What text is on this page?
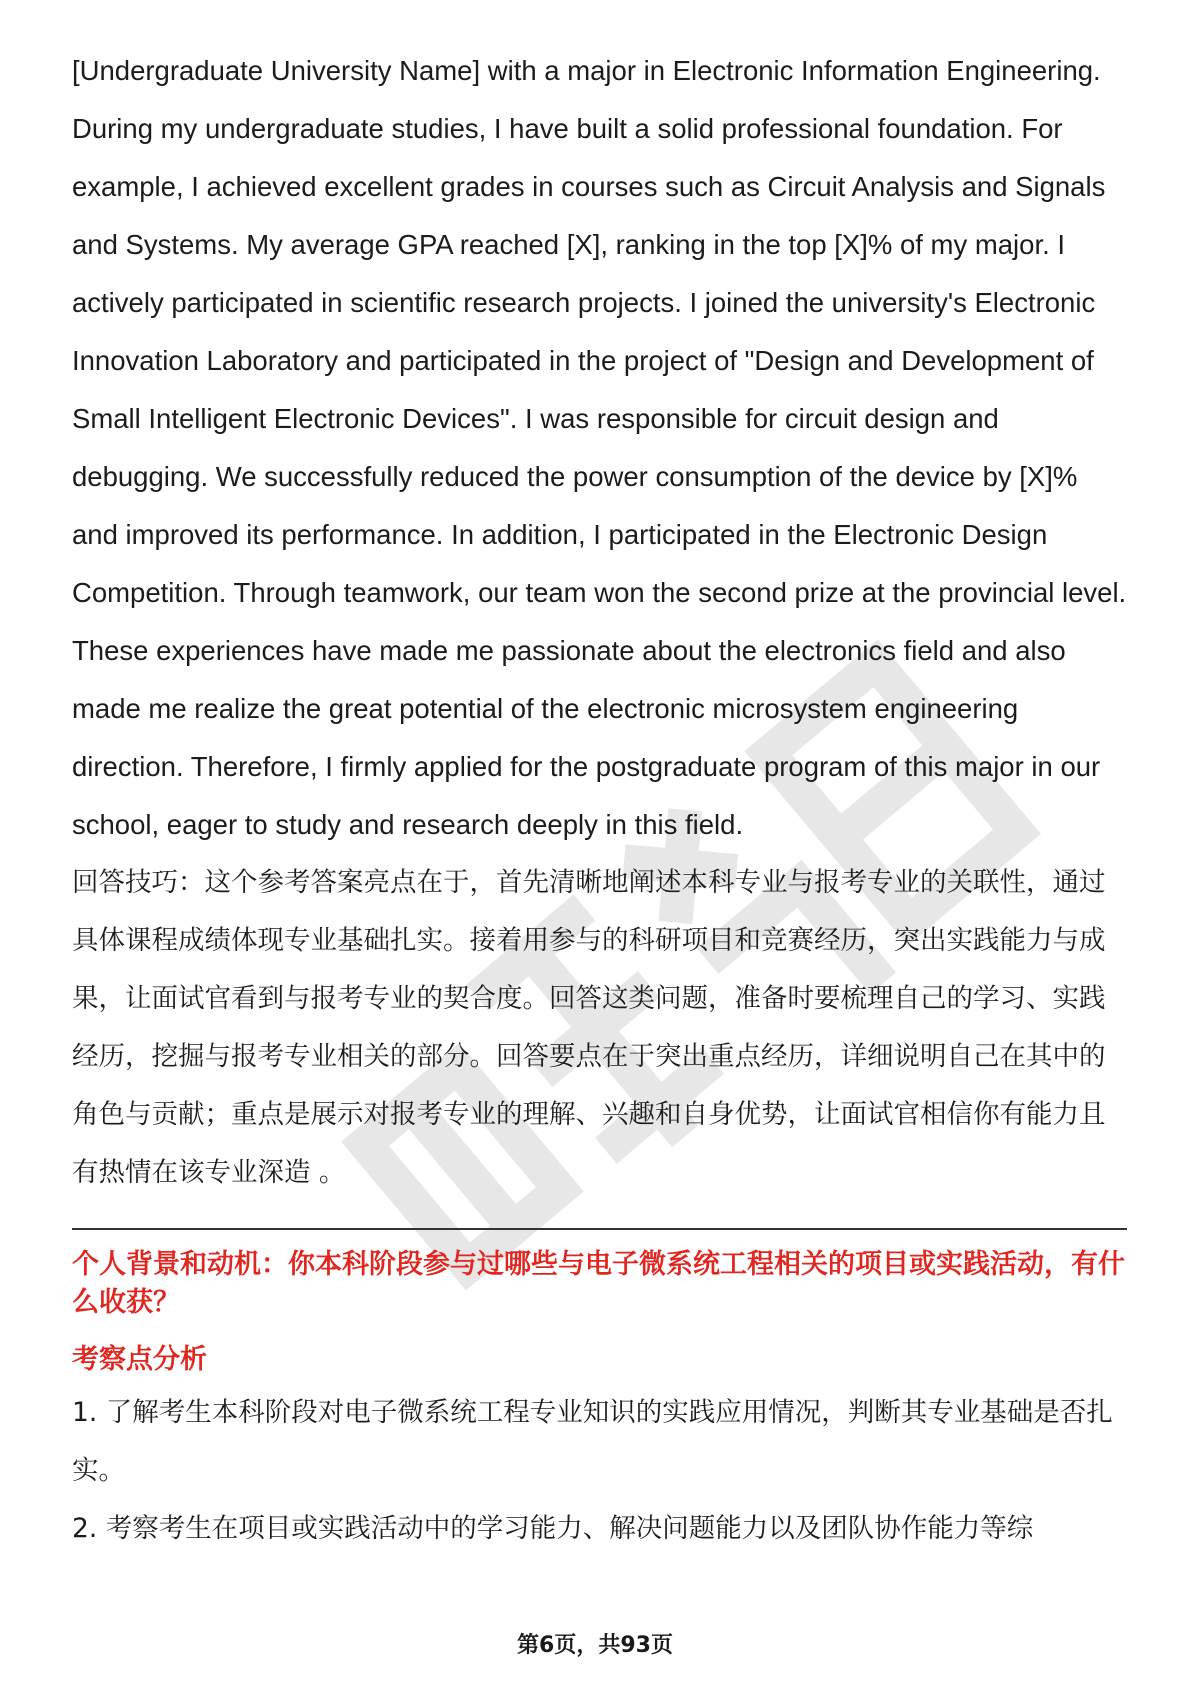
[Undergraduate University Name] with a major in Electronic Information Engineering. During my undergraduate studies, I have built a solid professional foundation. For example, I achieved excellent grades in courses such as Circuit Analysis and Signals and Systems. My average GPA reached [X], ranking in the top [X]% of my major. I actively participated in scientific research projects. I joined the university's Electronic Innovation Laboratory and participated in the project of "Design and Development of Small Intelligent Electronic Devices". I was responsible for circuit design and debugging. We successfully reduced the power consumption of the device by [X]% and improved its performance. In addition, I participated in the Electronic Design Competition. Through teamwork, our team won the second prize at the provincial level. These experiences have made me passionate about the electronics field and also made me realize the great potential of the electronic microsystem engineering direction. Therefore, I firmly applied for the postgraduate program of this major in our school, eager to study and research deeply in this field.

回答技巧：这个参考答案亮点在于，首先清晰地阐述本科专业与报考专业的关联性，通过具体课程成绩体现专业基础扎实。接着用参与的科研项目和竞赛经历，突出实践能力与成果，让面试官看到与报考专业的契合度。回答这类问题，准备时要梳理自己的学习、实践经历，挖掘与报考专业相关的部分。回答要点在于突出重点经历，详细说明自己在其中的角色与贡献；重点是展示对报考专业的理解、兴趣和自身优势，让面试官相信你有能力且有热情在该专业深造 。

个人背景和动机：你本科阶段参与过哪些与电子微系统工程相关的项目或实践活动，有什么收获？

考察点分析

1. 了解考生本科阶段对电子微系统工程专业知识的实践应用情况，判断其专业基础是否扎实。

2. 考察考生在项目或实践活动中的学习能力、解决问题能力以及团队协作能力等综

第6页，共93页
